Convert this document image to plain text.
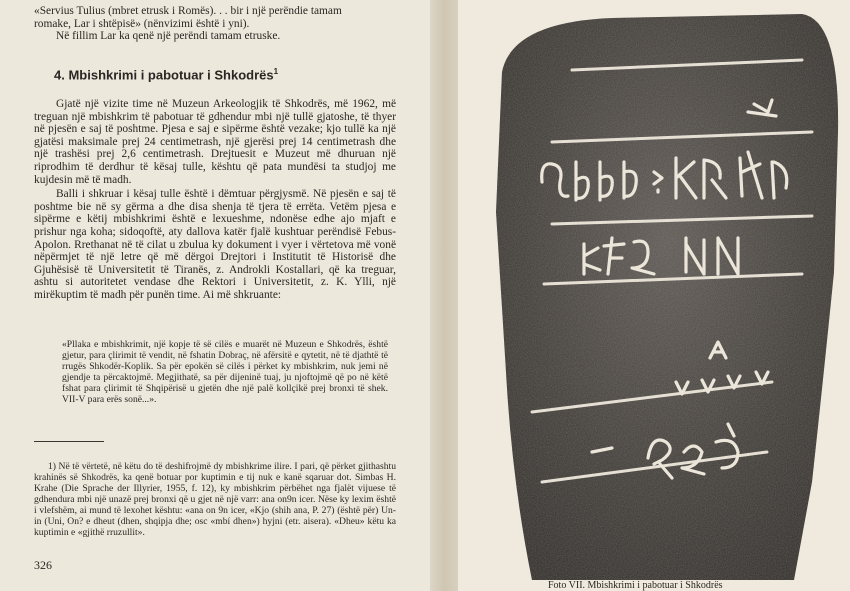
«Servius Tulius (mbret etrusk i Romës). . . bir i një perëndie tamam

romake, Lar i shtëpisë» (nënvizimi është i yni).

Në fillim Lar ka qenë një perëndi tamam etruske.

4. Mbishkrimi i pabotuar i Shkodrës$^1$

Gjatë një vizite time në Muzeun Arkeologjik të Shkodrës, më 1962, më treguan një mbishkrim të pabotuar të gdhendur mbi një tullë gjatoshe, të thyer në pjesën e saj të poshtme. Pjesa e saj e sipërme është vezake; kjo tullë ka një gjatësi maksimale prej 24 centimetrash, një gjerësi prej 14 centimetrash dhe një trashësi prej 2,6 centimetrash. Drejtuesit e Muzeut më dhuruan një riprodhim të derdhur të kësaj tulle, kështu që pata mundësi ta studjoj me kujdesin më të madh.

Balli i shkruar i kësaj tulle është i dëmtuar përgjysmë. Në pjesën e saj të poshtme bie në sy gërma a dhe disa shenja të tjera të errëta. Vetëm pjesa e sipërme e këtij mbishkrimi është e lexueshme, ndonëse edhe ajo mjaft e prishur nga koha; sidoqoftë, aty dallova katër fjalë kushtuar perëndisë Febus-Apolon. Rrethanat në të cilat u zbulua ky dokument i vyer i vërtetova më vonë nëpërmjet të një letre që më dërgoi Drejtori i Institutit të Historisë dhe Gjuhësisë të Universitetit të Tiranës, z. Androkli Kostallari, që ka treguar, ashtu si autoritetet vendase dhe Rektori i Universitetit, z. K. Ylli, një mirëkuptim të madh për punën time. Ai më shkruante:

«Pllaka e mbishkrimit, një kopje të së cilës e muarët në Muzeun e Shkodrës, është gjetur, para çlirimit të vendit, në fshatin Dobraç, në afërsitë e qytetit, në të djathtë të rrugës Shkodër-Koplik. Sa për epokën së cilës i përket ky mbishkrim, nuk jemi në gjendje ta përcaktojmë. Megjithatë, sa për dijeninë tuaj, ju njoftojmë që po në këtë fshat para çlirimit të Shqipërisë u gjetën dhe një palë kollçikë prej bronxi të shek. VII-V para erës sonë...».

1) Në të vërtetë, në këtu do të deshifrojmë dy mbishkrime ilire. I pari, që përket gjithashtu krahinës së Shkodrës, ka qenë botuar por kuptimin e tij nuk e kanë sqaruar dot. Simbas H. Krahe (Die Sprache der Illyrier, 1955, f. 12), ky mbishkrim përbëhet nga fjalët vijuese të gdhendura mbi një unazë prej bronxi që u gjet në një varr: ana on9n icer. Nëse ky lexim është i vlefshëm, ai mund të lexohet kështu: «ana on 9n icer, «Kjo (shih ana, P. 27) (është për) Un-in (Uni, On? e dheut (dhen, shqipja dhe; osc «mbí dhen») hyjni (etr. aisera). «Dheu» këtu ka kuptimin e «gjithë rruzullit».

326
Foto VII. Mbishkrimi i pabotuar i Shkodrës
